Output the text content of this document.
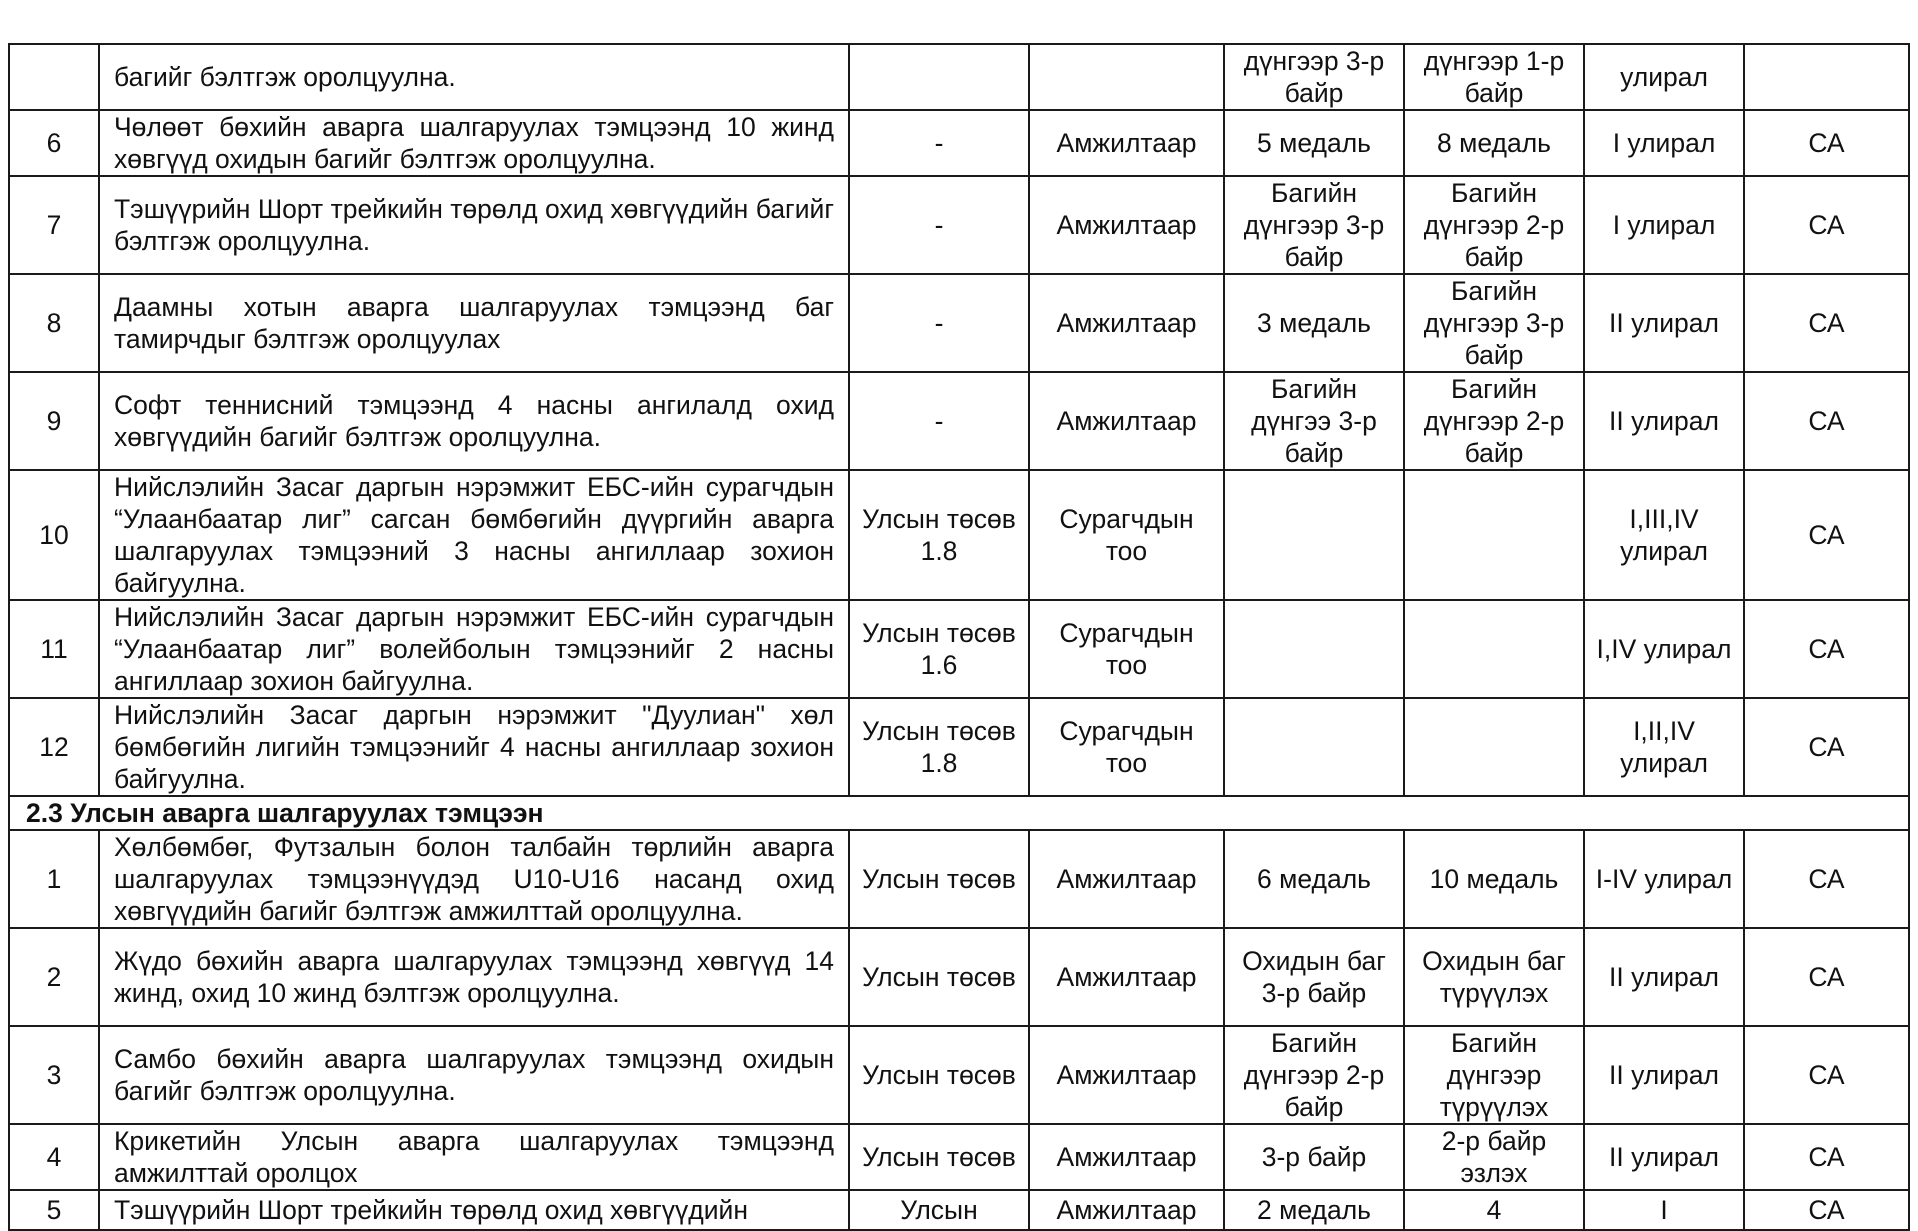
	багийг бэлтгэж оролцуулна.			дүнгээр 3-р байр	дүнгээр 1-р байр	улирал	
6	Чөлөөт бөхийн аварга шалгаруулах тэмцээнд 10 жинд хөвгүүд охидын багийг бэлтгэж оролцуулна.	-	Амжилтаар	5 медаль	8 медаль	I улирал	СА
7	Тэшүүрийн Шорт трейкийн төрөлд охид хөвгүүдийн багийг бэлтгэж оролцуулна.	-	Амжилтаар	Багийн дүнгээр 3-р байр	Багийн дүнгээр 2-р байр	I улирал	СА
8	Даамны хотын аварга шалгаруулах тэмцээнд баг тамирчдыг бэлтгэж оролцуулах	-	Амжилтаар	3 медаль	Багийн дүнгээр 3-р байр	II улирал	СА
9	Софт теннисний тэмцээнд 4 насны ангилалд охид хөвгүүдийн багийг бэлтгэж оролцуулна.	-	Амжилтаар	Багийн дүнгээ 3-р байр	Багийн дүнгээр 2-р байр	II улирал	СА
10	Нийслэлийн Засаг даргын нэрэмжит ЕБС-ийн сурагчдын “Улаанбаатар лиг” сагсан бөмбөгийн дүүргийн аварга шалгаруулах тэмцээний 3 насны ангиллаар зохион байгуулна.	Улсын төсөв 1.8	Сурагчдын тоо			I,III,IV улирал	СА
11	Нийслэлийн Засаг даргын нэрэмжит ЕБС-ийн сурагчдын “Улаанбаатар лиг” волейболын тэмцээнийг 2 насны ангиллаар зохион байгуулна.	Улсын төсөв 1.6	Сурагчдын тоо			I,IV улирал	СА
12	Нийслэлийн Засаг даргын нэрэмжит "Дуулиан" хөл бөмбөгийн лигийн тэмцээнийг 4 насны ангиллаар зохион байгуулна.	Улсын төсөв 1.8	Сурагчдын тоо			I,II,IV улирал	СА
2.3 Улсын аварга шалгаруулах тэмцээн							
1	Хөлбөмбөг, Футзалын болон талбайн төрлийн аварга шалгаруулах тэмцээнүүдэд U10-U16 насанд охид хөвгүүдийн багийг бэлтгэж амжилттай оролцуулна.	Улсын төсөв	Амжилтаар	6 медаль	10 медаль	I-IV улирал	СА
2	Жүдо бөхийн аварга шалгаруулах тэмцээнд хөвгүүд 14 жинд, охид 10 жинд бэлтгэж оролцуулна.	Улсын төсөв	Амжилтаар	Охидын баг 3-р байр	Охидын баг түрүүлэх	II улирал	СА
3	Самбо бөхийн аварга шалгаруулах тэмцээнд охидын багийг бэлтгэж оролцуулна.	Улсын төсөв	Амжилтаар	Багийн дүнгээр 2-р байр	Багийн дүнгээр түрүүлэх	II улирал	СА
4	Крикетийн Улсын аварга шалгаруулах тэмцээнд амжилттай оролцох	Улсын төсөв	Амжилтаар	3-р байр	2-р байр эзлэх	II улирал	СА
5	Тэшүүрийн Шорт трейкийн төрөлд охид хөвгүүдийн	Улсын	Амжилтаар	2 медаль	4	I	СА
